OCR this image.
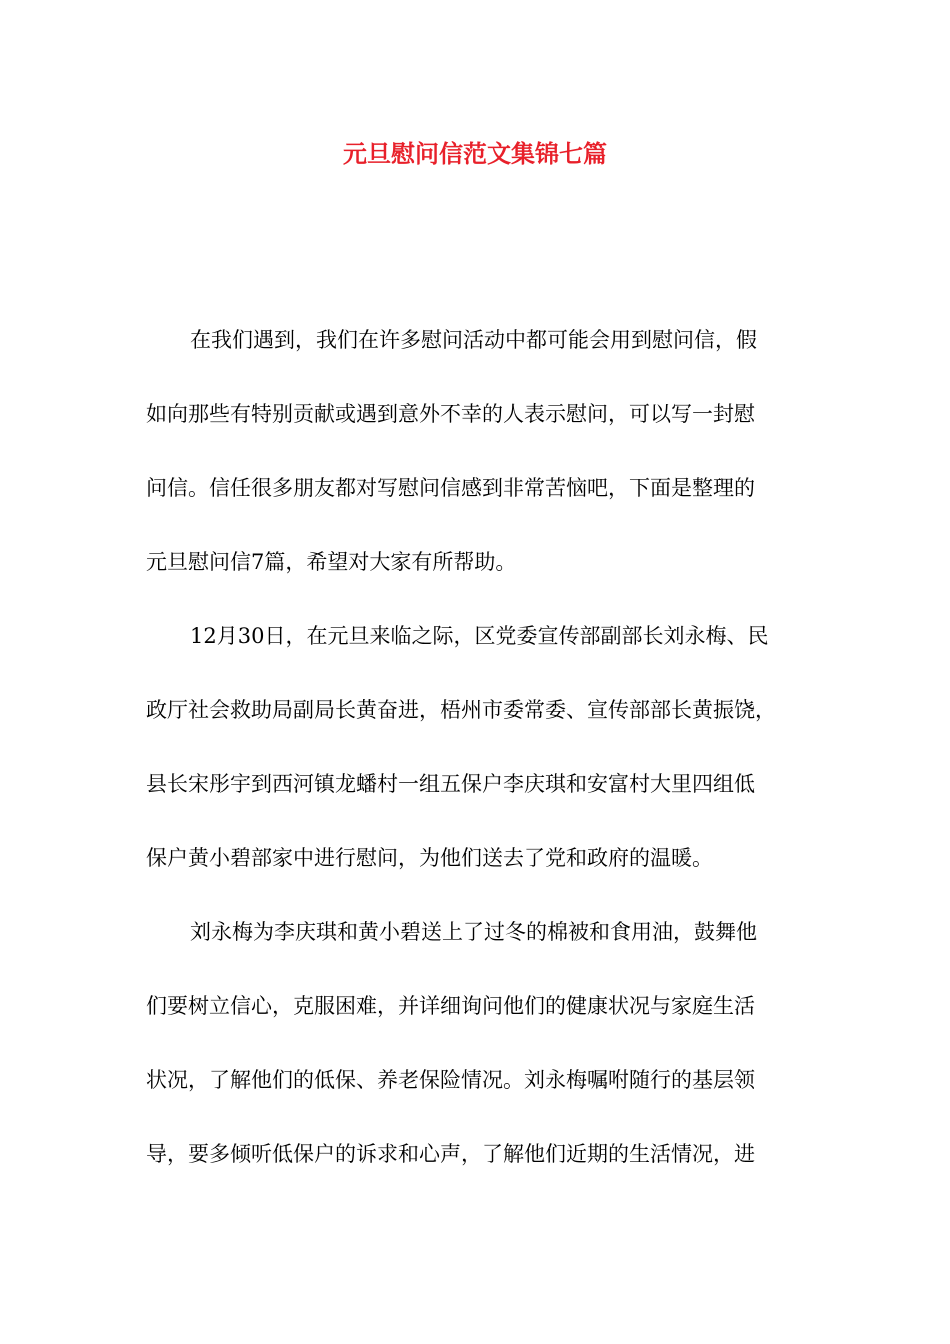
元旦慰问信范文集锦七篇
在我们遇到，我们在许多慰问活动中都可能会用到慰问信，假
如向那些有特别贡献或遇到意外不幸的人表示慰问，可以写一封慰
问信。信任很多朋友都对写慰问信感到非常苦恼吧，下面是整理的
元旦慰问信7篇，希望对大家有所帮助。
12月30日，在元旦来临之际，区党委宣传部副部长刘永梅、民
政厅社会救助局副局长黄奋进，梧州市委常委、宣传部部长黄振饶，
县长宋彤宇到西河镇龙蟠村一组五保户李庆琪和安富村大里四组低
保户黄小碧部家中进行慰问，为他们送去了党和政府的温暖。
刘永梅为李庆琪和黄小碧送上了过冬的棉被和食用油，鼓舞他
们要树立信心，克服困难，并详细询问他们的健康状况与家庭生活
状况，了解他们的低保、养老保险情况。刘永梅嘱咐随行的基层领
导，要多倾听低保户的诉求和心声，了解他们近期的生活情况，进
